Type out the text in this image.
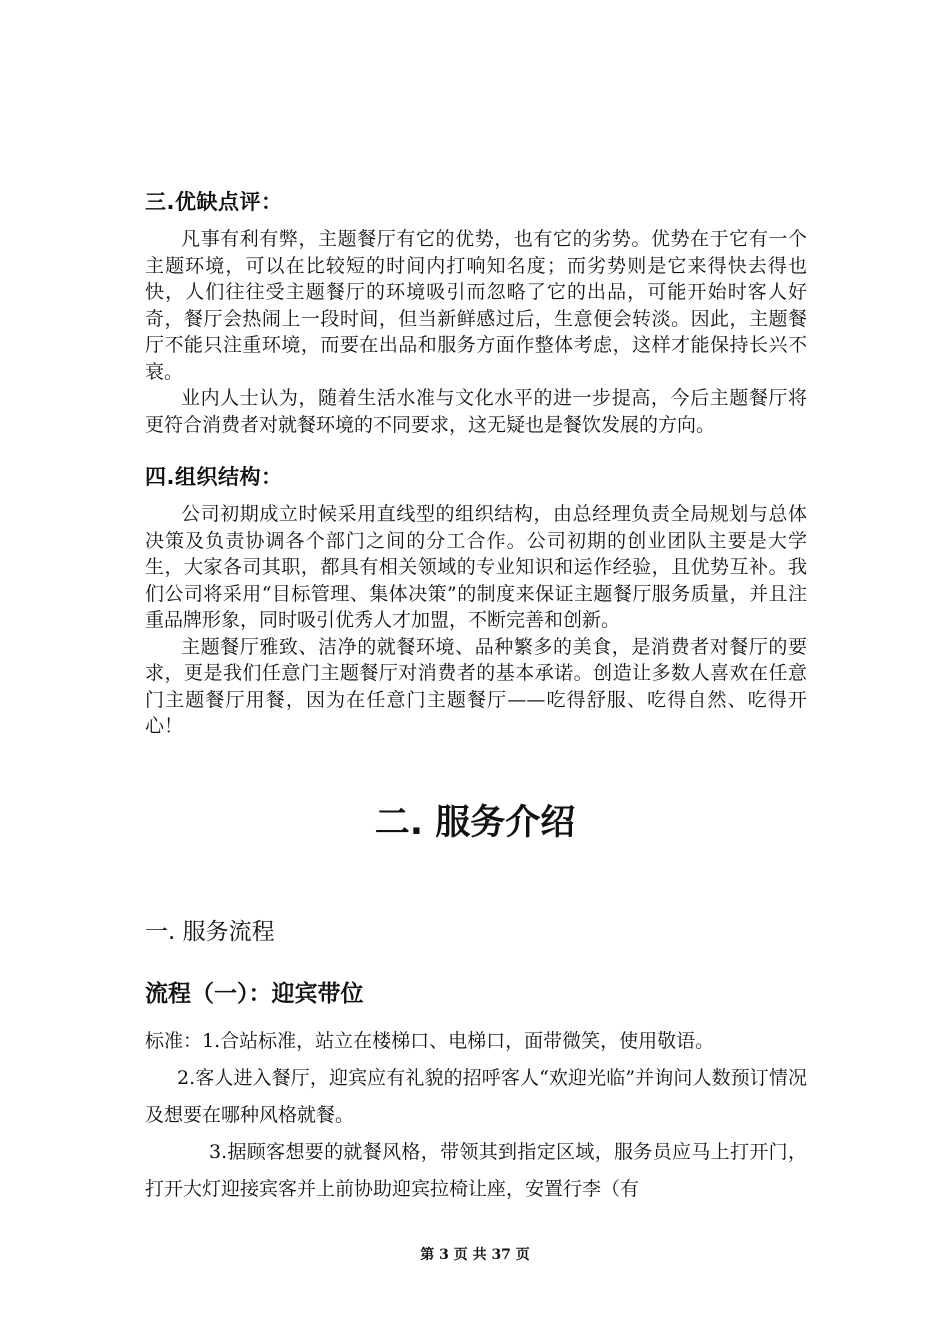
三.优缺点评：

凡事有利有弊，主题餐厅有它的优势，也有它的劣势。优势在于它有一个主题环境，可以在比较短的时间内打响知名度；而劣势则是它来得快去得也快，人们往往受主题餐厅的环境吸引而忽略了它的出品，可能开始时客人好奇，餐厅会热闹上一段时间，但当新鲜感过后，生意便会转淡。因此，主题餐厅不能只注重环境，而要在出品和服务方面作整体考虑，这样才能保持长兴不衰。

业内人士认为，随着生活水准与文化水平的进一步提高，今后主题餐厅将更符合消费者对就餐环境的不同要求，这无疑也是餐饮发展的方向。

四.组织结构：

公司初期成立时候采用直线型的组织结构，由总经理负责全局规划与总体决策及负责协调各个部门之间的分工合作。公司初期的创业团队主要是大学生，大家各司其职，都具有相关领域的专业知识和运作经验，且优势互补。我们公司将采用“目标管理、集体决策”的制度来保证主题餐厅服务质量，并且注重品牌形象，同时吸引优秀人才加盟，不断完善和创新。

主题餐厅雅致、洁净的就餐环境、品种繁多的美食，是消费者对餐厅的要求，更是我们任意门主题餐厅对消费者的基本承诺。创造让多数人喜欢在任意门主题餐厅用餐，因为在任意门主题餐厅——吃得舒服、吃得自然、吃得开心！

二. 服务介绍
一. 服务流程
流程（一）：迎宾带位

标准：1.合站标准，站立在楼梯口、电梯口，面带微笑，使用敬语。

2.客人进入餐厅，迎宾应有礼貌的招呼客人“欢迎光临”并询问人数预订情况及想要在哪种风格就餐。

3.据顾客想要的就餐风格，带领其到指定区域，服务员应马上打开门，打开大灯迎接宾客并上前协助迎宾拉椅让座，安置行李（有

第 3 页 共 37 页
